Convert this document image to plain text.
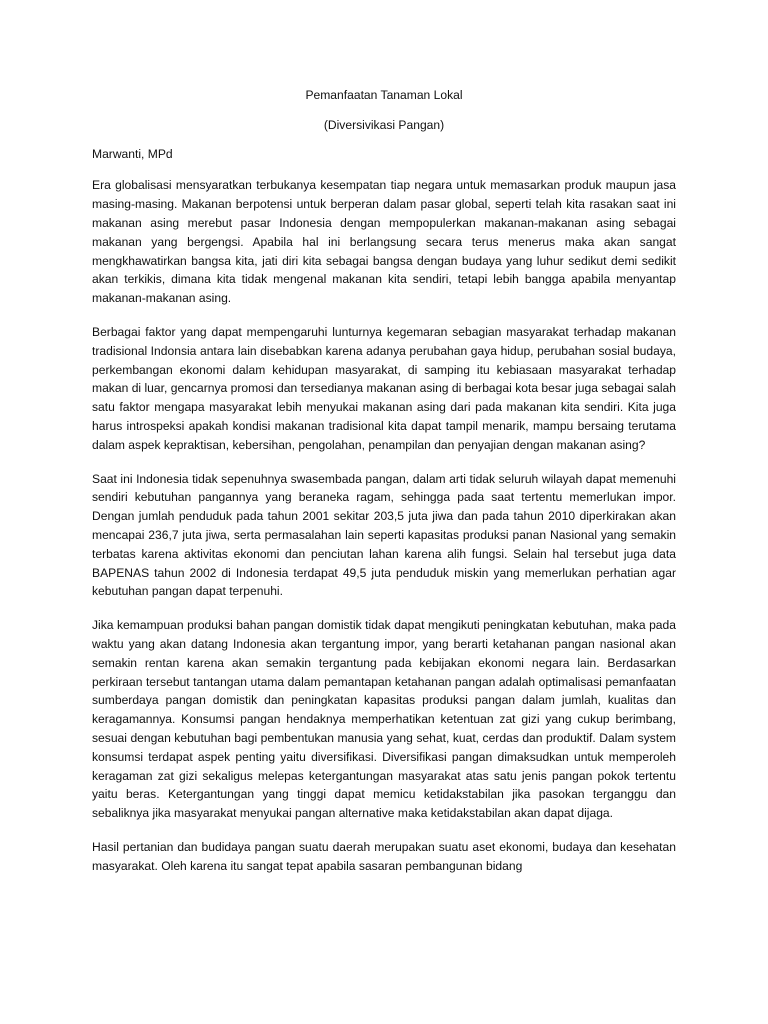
Pemanfaatan Tanaman Lokal

(Diversivikasi Pangan)

Marwanti, MPd

Era globalisasi mensyaratkan terbukanya kesempatan tiap negara untuk memasarkan produk maupun jasa masing-masing. Makanan berpotensi untuk berperan dalam pasar global, seperti telah kita rasakan saat ini makanan asing merebut pasar Indonesia dengan mempopulerkan makanan-makanan asing sebagai makanan yang bergengsi. Apabila hal ini berlangsung secara terus menerus maka akan sangat mengkhawatirkan bangsa kita, jati diri kita sebagai bangsa dengan budaya yang luhur sedikut demi sedikit akan terkikis, dimana kita tidak mengenal makanan kita sendiri, tetapi lebih bangga apabila menyantap makanan-makanan asing.

Berbagai faktor yang dapat mempengaruhi lunturnya kegemaran sebagian masyarakat terhadap makanan tradisional Indonsia antara lain disebabkan karena adanya perubahan gaya hidup, perubahan sosial budaya, perkembangan ekonomi dalam kehidupan masyarakat, di samping itu kebiasaan masyarakat terhadap makan di luar, gencarnya promosi dan tersedianya makanan asing di berbagai kota besar juga sebagai salah satu faktor mengapa masyarakat lebih menyukai makanan asing dari pada makanan kita sendiri. Kita juga harus introspeksi apakah kondisi makanan tradisional kita dapat tampil menarik, mampu bersaing terutama dalam aspek kepraktisan, kebersihan, pengolahan, penampilan dan penyajian dengan makanan asing?

Saat ini Indonesia tidak sepenuhnya swasembada pangan, dalam arti tidak seluruh wilayah dapat memenuhi sendiri kebutuhan pangannya yang beraneka ragam, sehingga pada saat tertentu memerlukan impor. Dengan jumlah penduduk pada tahun 2001 sekitar 203,5 juta jiwa dan pada tahun 2010 diperkirakan akan mencapai 236,7 juta jiwa, serta permasalahan lain seperti kapasitas produksi panan Nasional yang semakin terbatas karena aktivitas ekonomi dan penciutan lahan karena alih fungsi. Selain hal tersebut juga data BAPENAS tahun 2002 di Indonesia terdapat 49,5 juta penduduk miskin yang memerlukan perhatian agar kebutuhan pangan dapat terpenuhi.

Jika kemampuan produksi bahan pangan domistik tidak dapat mengikuti peningkatan kebutuhan, maka pada waktu yang akan datang Indonesia akan tergantung impor, yang berarti ketahanan pangan nasional akan semakin rentan karena akan semakin tergantung pada kebijakan ekonomi negara lain. Berdasarkan perkiraan tersebut tantangan utama dalam pemantapan ketahanan pangan adalah optimalisasi pemanfaatan sumberdaya pangan domistik dan peningkatan kapasitas produksi pangan dalam jumlah, kualitas dan keragamannya. Konsumsi pangan hendaknya memperhatikan ketentuan zat gizi yang cukup berimbang, sesuai dengan kebutuhan bagi pembentukan manusia yang sehat, kuat, cerdas dan produktif. Dalam system konsumsi terdapat aspek penting yaitu diversifikasi. Diversifikasi pangan dimaksudkan untuk memperoleh keragaman zat gizi sekaligus melepas ketergantungan masyarakat atas satu jenis pangan pokok tertentu yaitu beras. Ketergantungan yang tinggi dapat memicu ketidakstabilan jika pasokan terganggu dan sebaliknya jika masyarakat menyukai pangan alternative maka ketidakstabilan akan dapat dijaga.

Hasil pertanian dan budidaya pangan suatu daerah merupakan suatu aset ekonomi, budaya dan kesehatan masyarakat. Oleh karena itu sangat tepat apabila sasaran pembangunan bidang
